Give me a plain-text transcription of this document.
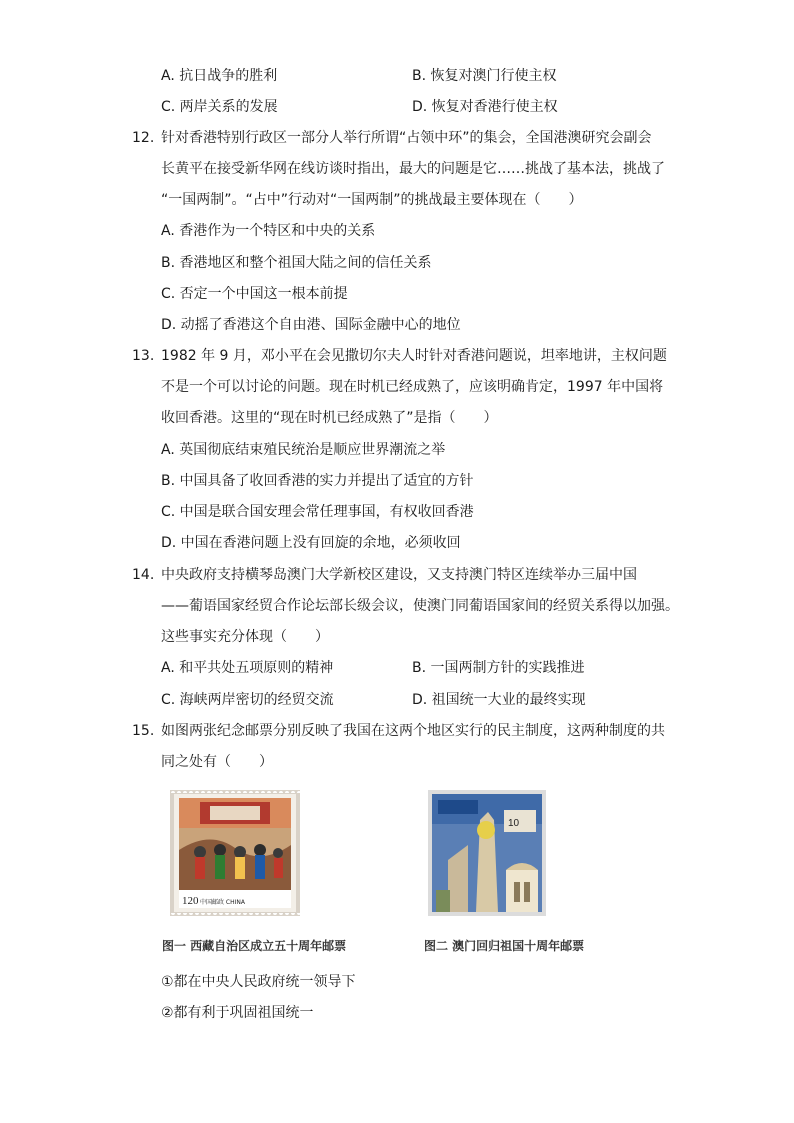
A. 抗日战争的胜利	B. 恢复对澳门行使主权
C. 两岸关系的发展	D. 恢复对香港行使主权
12. 针对香港特别行政区一部分人举行所谓“占领中环”的集会，全国港澳研究会副会
长黄平在接受新华网在线访谈时指出，最大的问题是它……挑战了基本法，挑战了
“一国两制”。“占中”行动对“一国两制”的挑战最主要体现在（　　）
A. 香港作为一个特区和中央的关系
B. 香港地区和整个祖国大陆之间的信任关系
C. 否定一个中国这一根本前提
D. 动摇了香港这个自由港、国际金融中心的地位
13. 1982 年 9 月，邓小平在会见撒切尔夫人时针对香港问题说，坦率地讲，主权问题
不是一个可以讨论的问题。现在时机已经成熟了，应该明确肯定，1997 年中国将
收回香港。这里的“现在时机已经成熟了”是指（　　）
A. 英国彻底结束殖民统治是顺应世界潮流之举
B. 中国具备了收回香港的实力并提出了适宜的方针
C. 中国是联合国安理会常任理事国，有权收回香港
D. 中国在香港问题上没有回旋的余地，必须收回
14. 中央政府支持横琴岛澳门大学新校区建设，又支持澳门特区连续举办三届中国
——葡语国家经贸合作论坛部长级会议，使澳门同葡语国家间的经贸关系得以加强。
这些事实充分体现（　　）
A. 和平共处五项原则的精神	B. 一国两制方针的实践推进
C. 海峡两岸密切的经贸交流	D. 祖国统一大业的最终实现
15. 如图两张纪念邮票分别反映了我国在这两个地区实行的民主制度，这两种制度的共
同之处有（　　）
120 中国邮政 CHINA
图一 西藏自治区成立五十周年邮票
10
图二 澳门回归祖国十周年邮票
①都在中央人民政府统一领导下
②都有利于巩固祖国统一
